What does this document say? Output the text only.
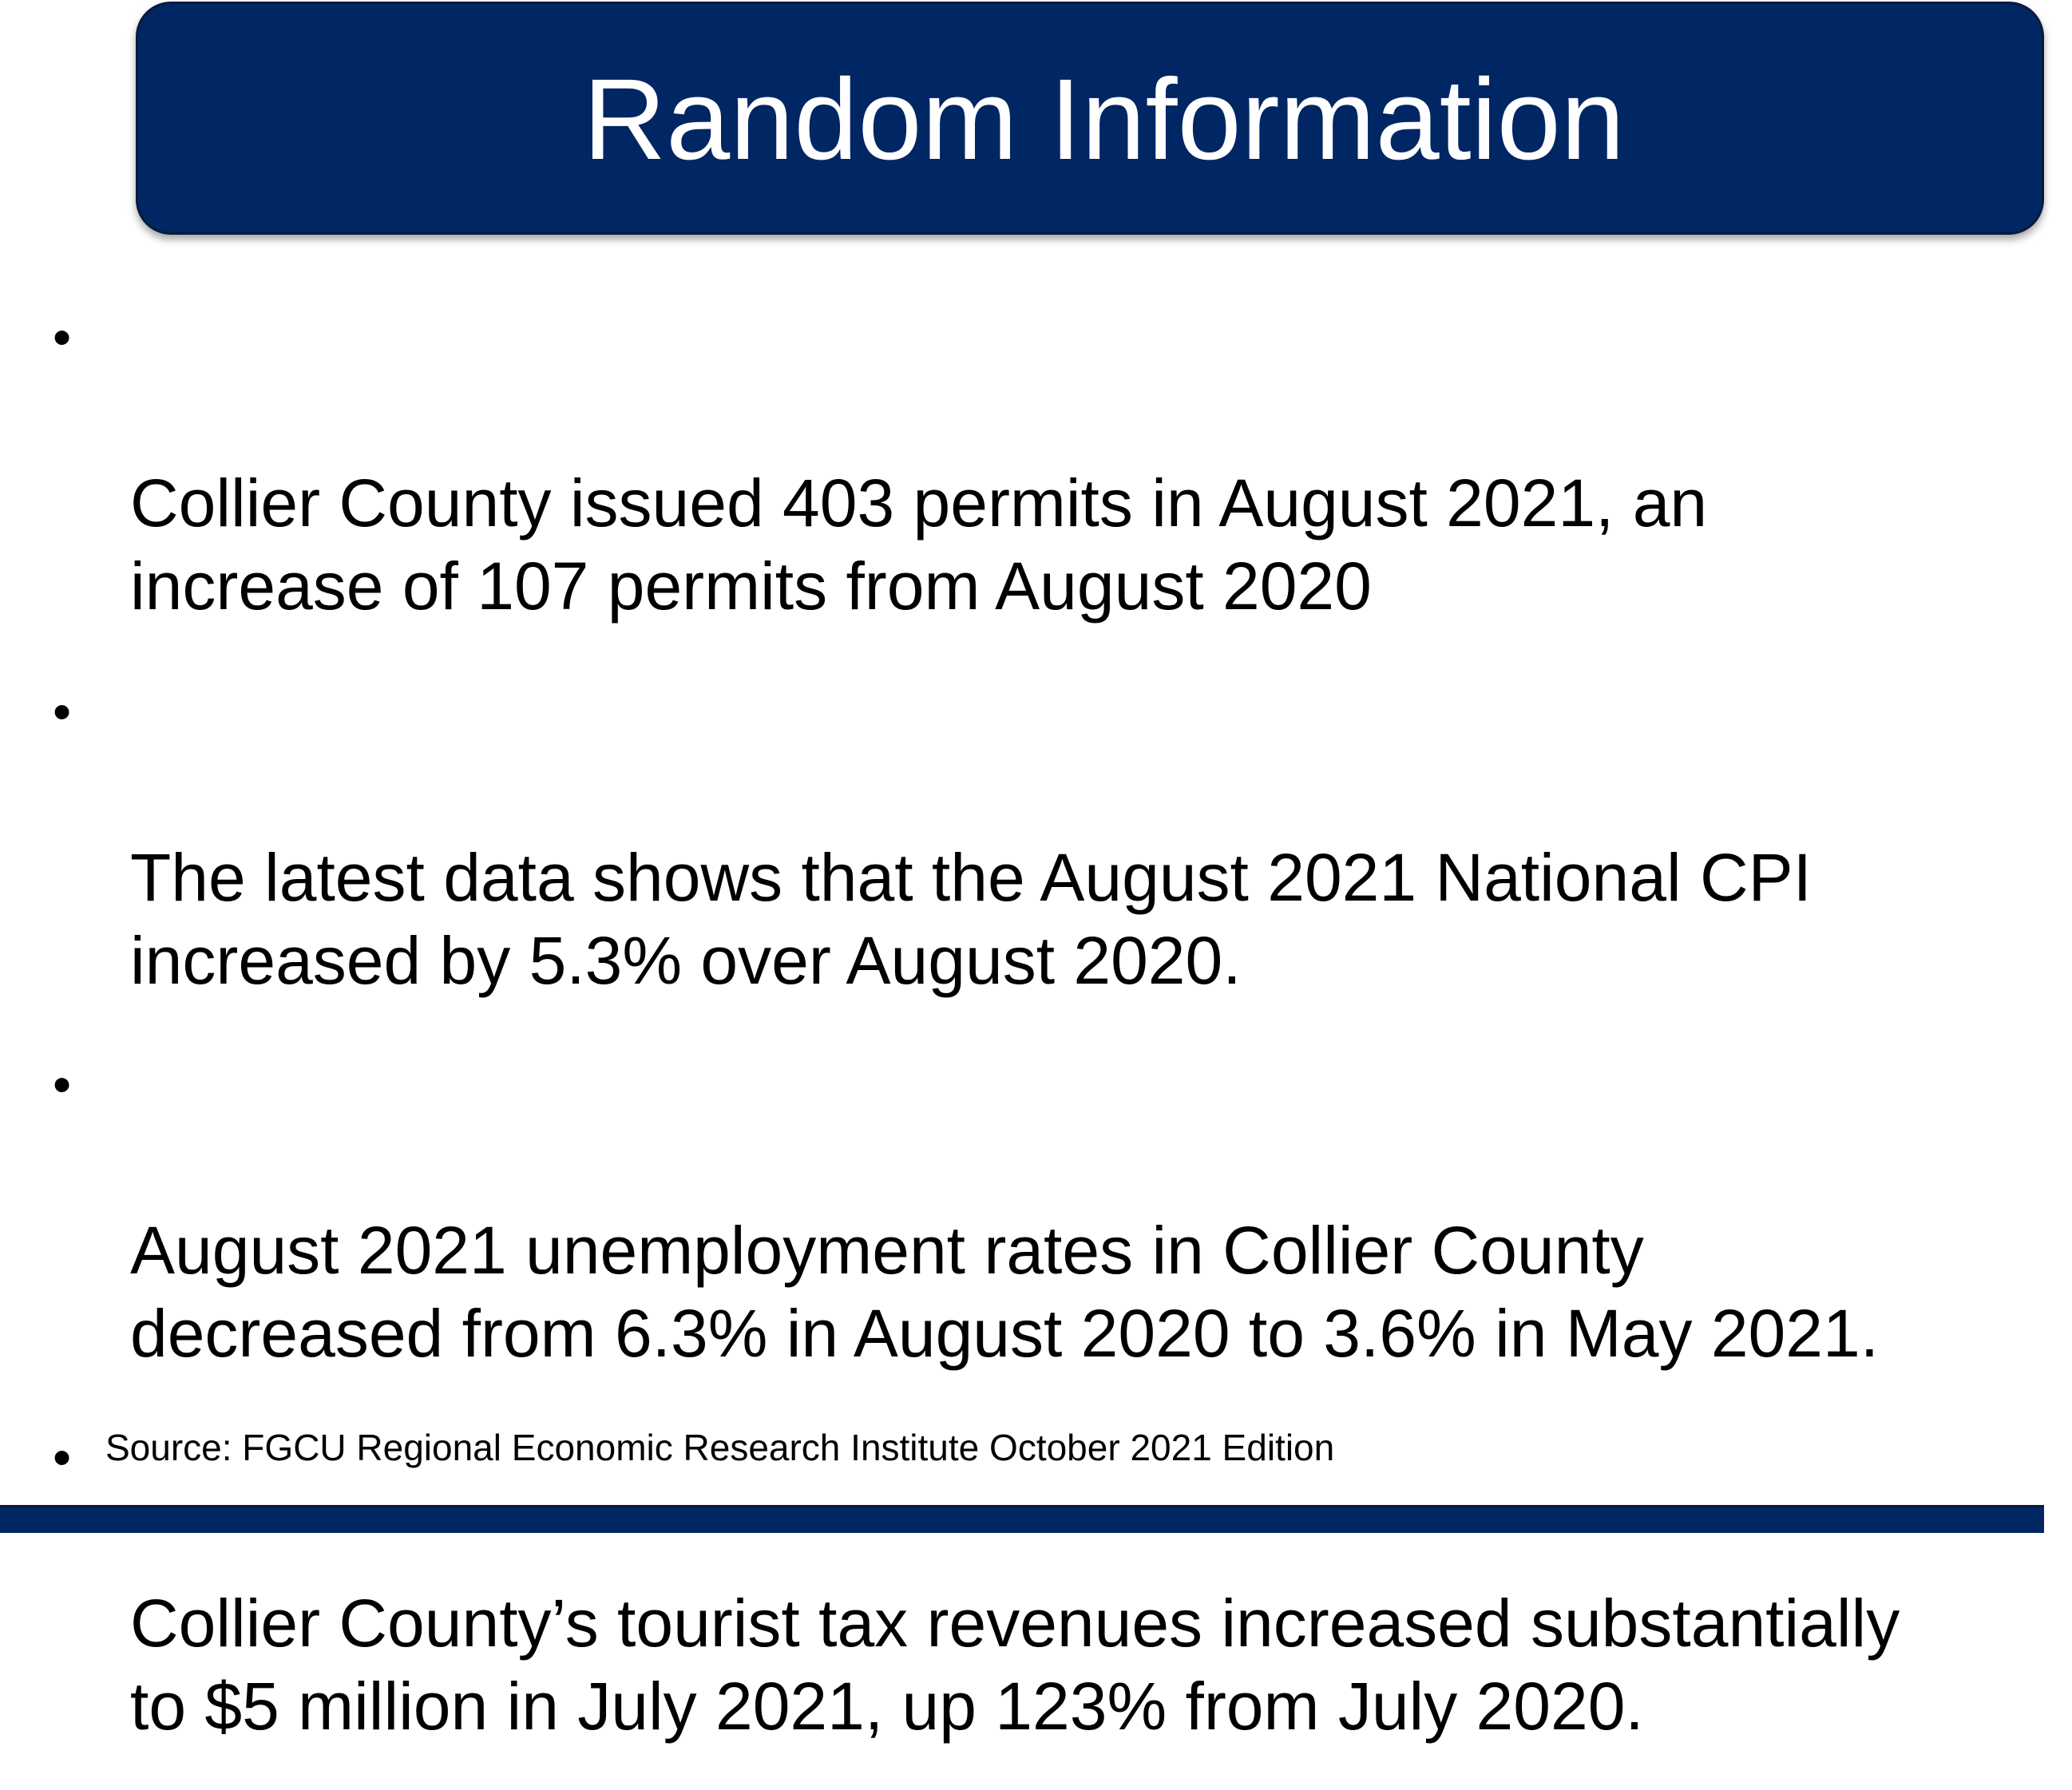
Random Information

•

Collier County issued 403 permits in August 2021, an
increase of 107 permits from August 2020

•

The latest data shows that the August 2021 National CPI
increased by 5.3% over August 2020.

•

August 2021 unemployment rates in Collier County
decreased from 6.3% in August 2020 to 3.6% in May 2021.

•

Collier County’s tourist tax revenues increased substantially
to $5 million in July 2021, up 123% from July 2020.

Source: FGCU Regional Economic Research Institute October 2021 Edition
